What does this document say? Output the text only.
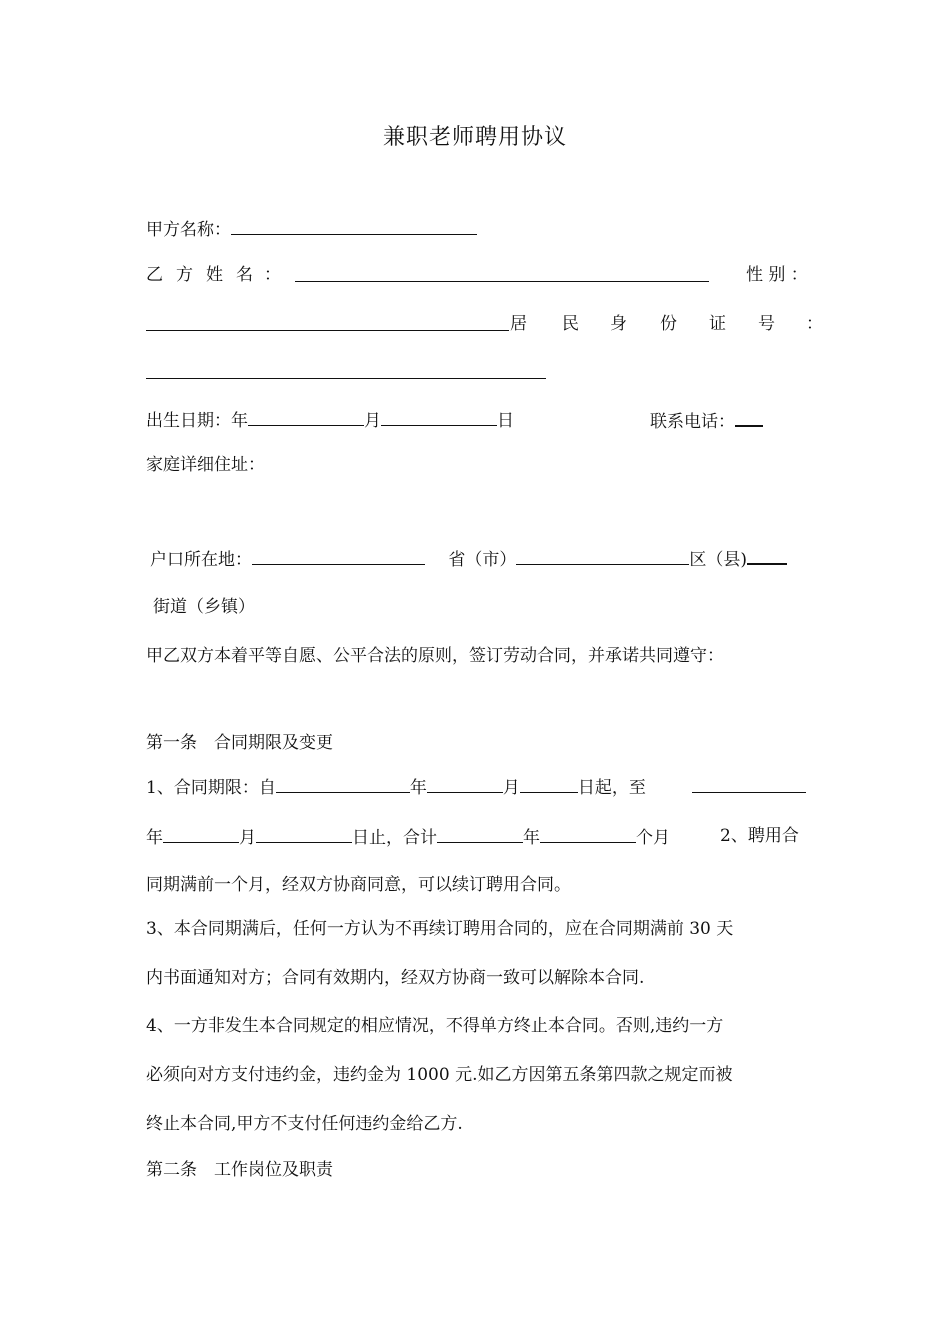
兼职老师聘用协议
甲方名称：
乙 方 姓 名 ：	性 别 ：
居 民 身 份 证 号 ：
出生日期：年	月	日	联系电话：
家庭详细住址：
户口所在地：	省（市）	区（县)
街道（乡镇）
甲乙双方本着平等自愿、公平合法的原则，签订劳动合同，并承诺共同遵守：
第一条　合同期限及变更
1、合同期限：自	年	月	日起，至
年	月	日止，合计	年	个月	2、聘用合
同期满前一个月，经双方协商同意，可以续订聘用合同。
3、本合同期满后，任何一方认为不再续订聘用合同的，应在合同期满前 30 天
内书面通知对方；合同有效期内，经双方协商一致可以解除本合同.
4、一方非发生本合同规定的相应情况，不得单方终止本合同。否则,违约一方
必须向对方支付违约金，违约金为 1000 元.如乙方因第五条第四款之规定而被
终止本合同,甲方不支付任何违约金给乙方.
第二条　工作岗位及职责
